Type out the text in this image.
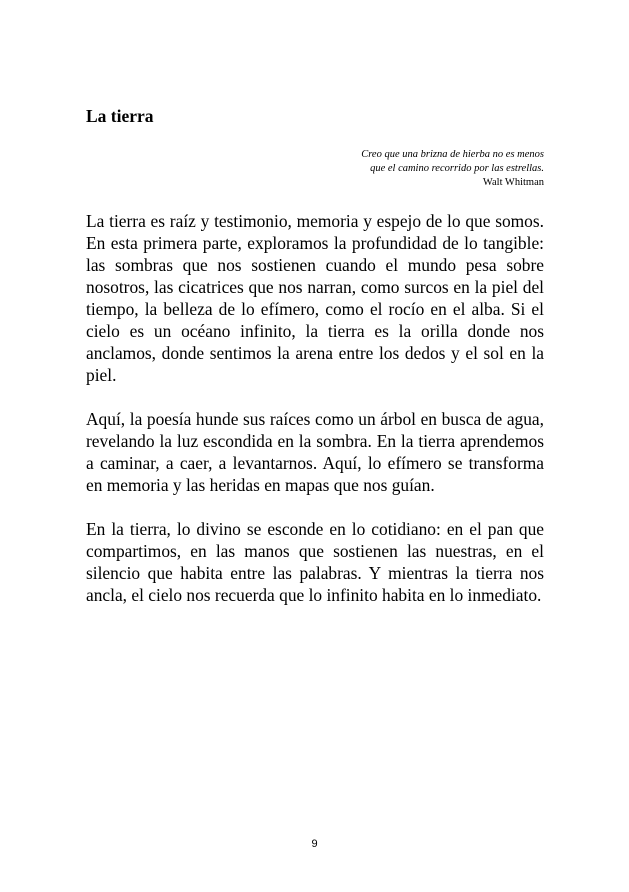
La tierra
Creo que una brizna de hierba no es menos
que el camino recorrido por las estrellas.
Walt Whitman

La tierra es raíz y testimonio, memoria y espejo de lo que somos. En esta primera parte, exploramos la profundidad de lo tangible: las sombras que nos sostienen cuando el mundo pesa sobre nosotros, las cicatrices que nos narran, como surcos en la piel del tiempo, la belleza de lo efímero, como el rocío en el alba. Si el cielo es un océano infinito, la tierra es la orilla donde nos anclamos, donde sentimos la arena entre los dedos y el sol en la piel.

Aquí, la poesía hunde sus raíces como un árbol en busca de agua, revelando la luz escondida en la sombra. En la tierra aprendemos a caminar, a caer, a levantarnos. Aquí, lo efímero se transforma en memoria y las heridas en mapas que nos guían.

En la tierra, lo divino se esconde en lo cotidiano: en el pan que compartimos, en las manos que sostienen las nuestras, en el silencio que habita entre las palabras. Y mientras la tierra nos ancla, el cielo nos recuerda que lo infinito habita en lo inmediato.

9
